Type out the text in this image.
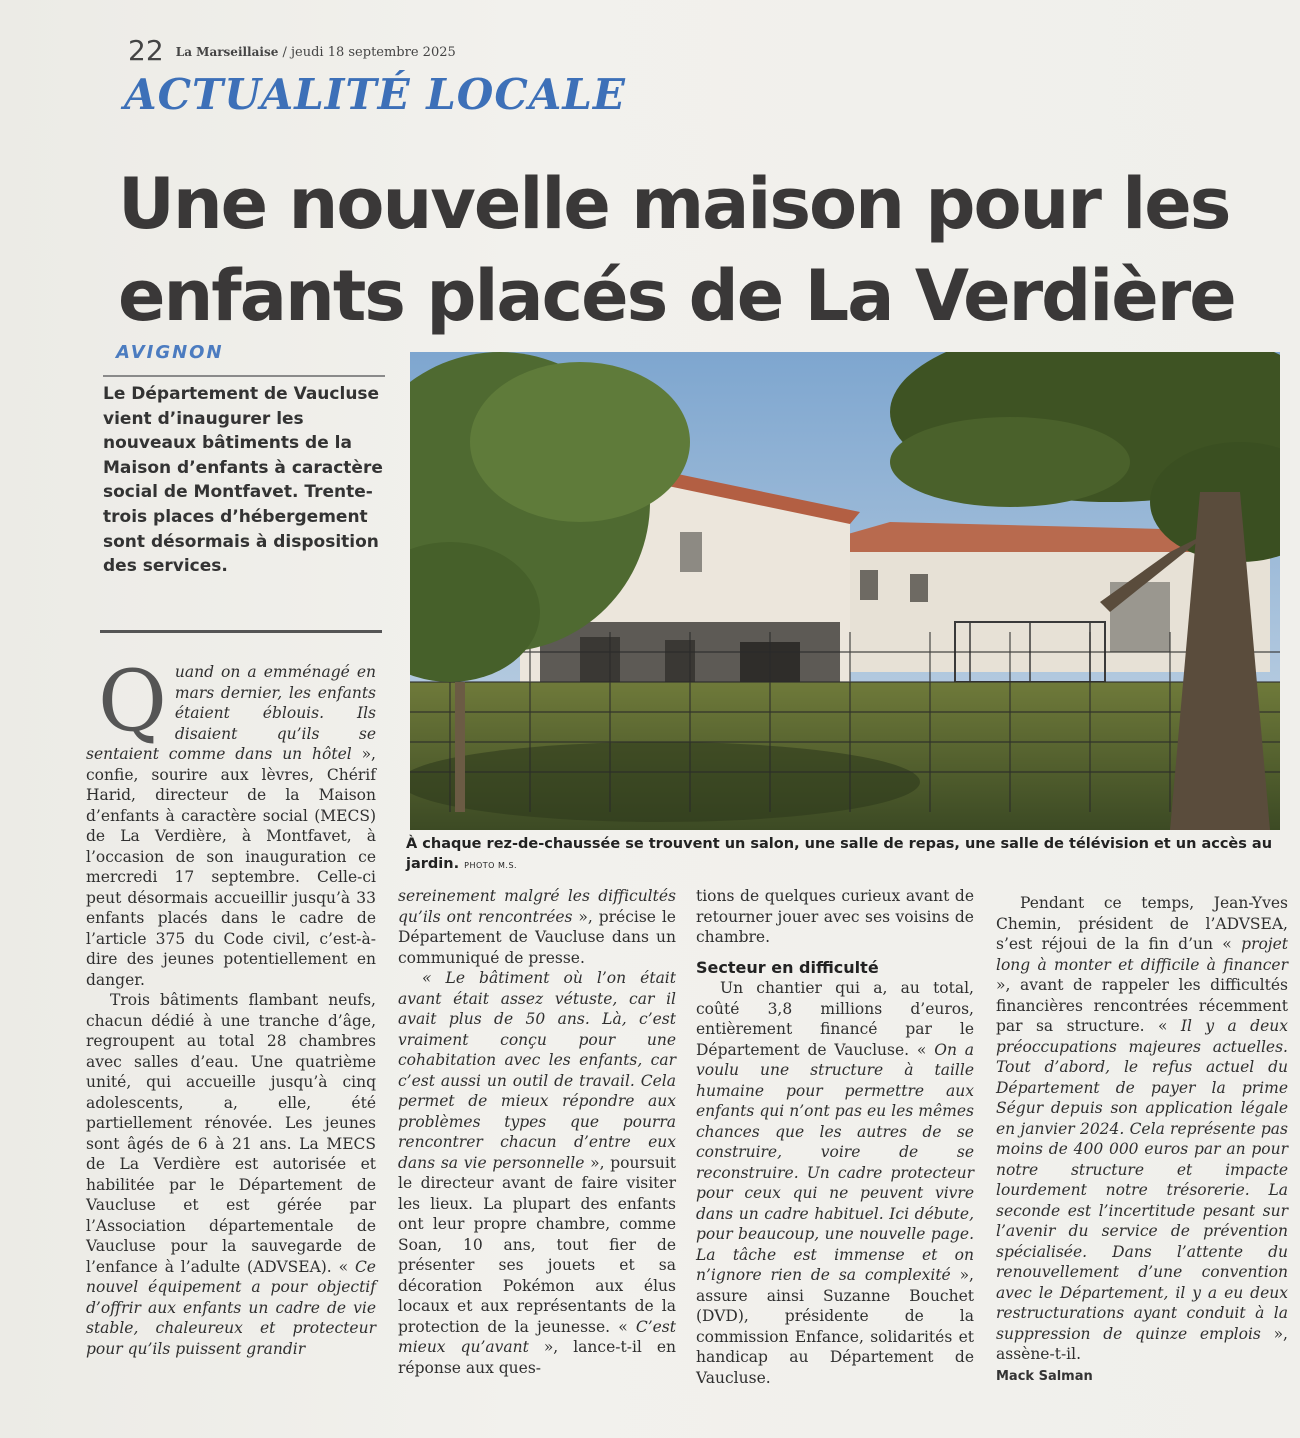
22 La Marseillaise / jeudi 18 septembre 2025
ACTUALITÉ LOCALE
Une nouvelle maison pour les enfants placés de La Verdière
AVIGNON
Le Département de Vaucluse vient d’inaugurer les nouveaux bâtiments de la Maison d’enfants à caractère social de Montfavet. Trente-trois places d’hébergement sont désormais à disposition des services.
À chaque rez-de-chaussée se trouvent un salon, une salle de repas, une salle de télévision et un accès au jardin. PHOTO M.S.

Quand on a emménagé en mars dernier, les enfants étaient éblouis. Ils disaient qu’ils se sentaient comme dans un hôtel », confie, sourire aux lèvres, Chérif Harid, directeur de la Maison d’enfants à caractère social (MECS) de La Verdière, à Montfavet, à l’occasion de son inauguration ce mercredi 17 septembre. Celle-ci peut désormais accueillir jusqu’à 33 enfants placés dans le cadre de l’article 375 du Code civil, c’est-à-dire des jeunes potentiellement en danger.

Trois bâtiments flambant neufs, chacun dédié à une tranche d’âge, regroupent au total 28 chambres avec salles d’eau. Une quatrième unité, qui accueille jusqu’à cinq adolescents, a, elle, été partiellement rénovée. Les jeunes sont âgés de 6 à 21 ans. La MECS de La Verdière est autorisée et habilitée par le Département de Vaucluse et est gérée par l’Association départementale de Vaucluse pour la sauvegarde de l’enfance à l’adulte (ADVSEA). « Ce nouvel équipement a pour objectif d’offrir aux enfants un cadre de vie stable, chaleureux et protecteur pour qu’ils puissent grandir

sereinement malgré les difficultés qu’ils ont rencontrées », précise le Département de Vaucluse dans un communiqué de presse.

« Le bâtiment où l’on était avant était assez vétuste, car il avait plus de 50 ans. Là, c’est vraiment conçu pour une cohabitation avec les enfants, car c’est aussi un outil de travail. Cela permet de mieux répondre aux problèmes types que pourra rencontrer chacun d’entre eux dans sa vie personnelle », poursuit le directeur avant de faire visiter les lieux. La plupart des enfants ont leur propre chambre, comme Soan, 10 ans, tout fier de présenter ses jouets et sa décoration Pokémon aux élus locaux et aux représentants de la protection de la jeunesse. « C’est mieux qu’avant », lance-t-il en réponse aux ques-

tions de quelques curieux avant de retourner jouer avec ses voisins de chambre.

Secteur en difficulté

Un chantier qui a, au total, coûté 3,8 millions d’euros, entièrement financé par le Département de Vaucluse. « On a voulu une structure à taille humaine pour permettre aux enfants qui n’ont pas eu les mêmes chances que les autres de se construire, voire de se reconstruire. Un cadre protecteur pour ceux qui ne peuvent vivre dans un cadre habituel. Ici débute, pour beaucoup, une nouvelle page. La tâche est immense et on n’ignore rien de sa complexité », assure ainsi Suzanne Bouchet (DVD), présidente de la commission Enfance, solidarités et handicap au Département de Vaucluse.

Pendant ce temps, Jean-Yves Chemin, président de l’ADVSEA, s’est réjoui de la fin d’un « projet long à monter et difficile à financer », avant de rappeler les difficultés financières rencontrées récemment par sa structure. « Il y a deux préoccupations majeures actuelles. Tout d’abord, le refus actuel du Département de payer la prime Ségur depuis son application légale en janvier 2024. Cela représente pas moins de 400 000 euros par an pour notre structure et impacte lourdement notre trésorerie. La seconde est l’incertitude pesant sur l’avenir du service de prévention spécialisée. Dans l’attente du renouvellement d’une convention avec le Département, il y a eu deux restructurations ayant conduit à la suppression de quinze emplois », assène-t-il.

Mack Salman
